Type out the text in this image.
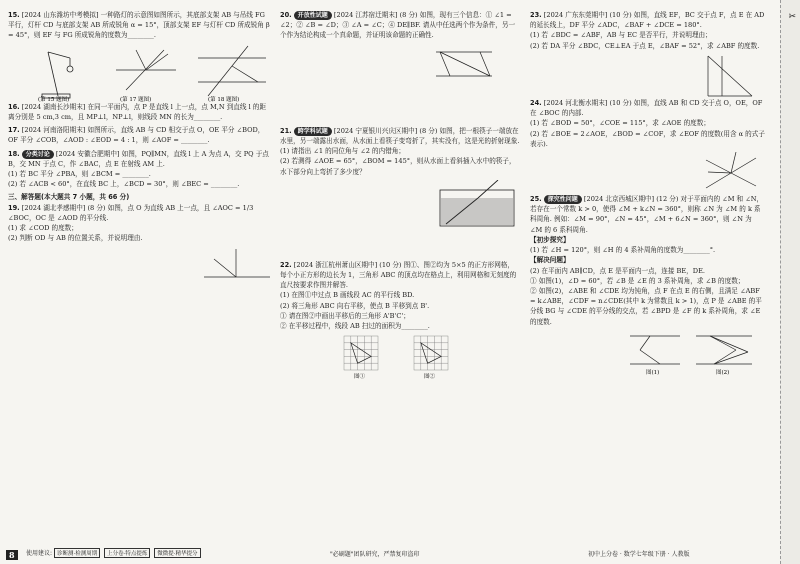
15. [2024 山东潍坊中考模拟] 一种路灯的示意图如图所示，其底部支架 AB 与吊线 FG 平行，灯杆 CD 与底部支架 AB 所成锐角 α = 15°，顶部支架 EF 与灯杆 CD 所成锐角 β = 45°，则 EF 与 FG 所成锐角的度数为________.
(第 15 题图)	(第 17 题图)	(第 18 题图)
16. [2024 湖南长沙期末] 在同一平面内，点 P 是直线 l 上一点，点 M,N 到直线 l 的距离分别是 5 cm,3 cm，且 MP⊥l，NP⊥l，则线段 MN 的长为________.
17. [2024 河南洛阳期末] 如图所示，直线 AB 与 CD 相交于点 O，OE 平分 ∠BOD，OF 平分 ∠COB，∠AOD : ∠EOD = 4 : 1，则 ∠AOF = ________.
18. 分类讨论 [2024 安徽合肥期中] 如图，PQ∥MN，直线 l 上 A 为点 A，交 PQ 于点 B，交 MN 于点 C，作 ∠BAC，点 E 在射线 AM 上.
(1) 若 BC 平分 ∠PBA，则 ∠BCM = ________.
(2) 若 ∠ACB < 60°，在直线 BC 上，∠BCD = 30°，则 ∠BEC = ________.
三、解答题(本大题共 7 小题，共 66 分)
19. [2024 湖北孝感期中] (8 分) 如图，点 O 为直线 AB 上一点，且 ∠AOC = 1/3 ∠BOC，OC 是 ∠AOD 的平分线.
(1) 求 ∠COD 的度数；
(2) 判断 OD 与 AB 的位置关系，并说明理由.
20. 开放性试题 [2024 江苏宿迁期末] (8 分) 如图，现有三个信息：① ∠1 = ∠2；② ∠B = ∠D；③ ∠A = ∠C；④ DE∥BF. 请从中任选两个作为条件，另一个作为结论构成一个真命题，并证明该命题的正确性.
21. 跨学科试题 [2024 宁夏银川兴庆区期中] (8 分) 如图，把一根筷子一端放在水里，另一端露出水面，从水面上看筷子变弯折了，其实没有，这是光的折射现象.
(1) 请指出 ∠1 的同位角与 ∠2 的内错角；
(2) 若测得 ∠AOE = 65°，∠BOM = 145°，则从水面上看斜插入水中的筷子，水下部分向上弯折了多少度？
22. [2024 浙江杭州萧山区期中] (10 分) 图①、图②均为 5×5 的正方形网格，每个小正方形的边长为 1，三角形 ABC 的顶点均在格点上，利用网格和无刻度的直尺按要求作图并解答.
(1) 在图①中过点 B 画线段 AC 的平行线 BD.
(2) 将三角形 ABC 向右平移，使点 B 平移到点 B'.
① 请在图②中画出平移后的三角形 A'B'C'；
② 在平移过程中，线段 AB 扫过的面积为________.
图①	图②
23. [2024 广东东莞期中] (10 分) 如图，直线 EF，BC 交于点 F，点 E 在 AD 的延长线上，DF 平分 ∠ADC，∠BAF + ∠DCE = 180°.
(1) 若 ∠BDC = ∠ABF，AB 与 EC 是否平行，并说明理由；
(2) 若 DA 平分 ∠BDC，CE⊥EA 于点 E，∠BAF = 52°，求 ∠ABF 的度数.
24. [2024 河北衡水期末] (10 分) 如图，直线 AB 和 CD 交于点 O，OE，OF 在 ∠BOC 的内部.
(1) 若 ∠BOD = 50°，∠COE = 115°，求 ∠AOE 的度数；
(2) 若 ∠BOE = 2∠AOE，∠BOD = ∠COF，求 ∠EOF 的度数(用含 α 的式子表示).
25. 探究性问题 [2024 北京西城区期中] (12 分) 对于平面内的 ∠M 和 ∠N，若存在一个常数 k > 0，使得 ∠M + k∠N = 360°，则称 ∠N 为 ∠M 的 k 系科周角. 例如：∠M = 90°，∠N = 45°，∠M + 6∠N = 360°，则 ∠N 为 ∠M 的 6 系科周角.
【初步探究】
(1) 若 ∠H = 120°，则 ∠H 的 4 系补周角的度数为________°.
【解决问题】
(2) 在平面内 AB∥CD，点 E 是平面内一点，连接 BE，DE.
① 如图(1)，∠D = 60°，若 ∠B 是 ∠E 的 3 系补周角，求 ∠B 的度数；
② 如图(2)，∠ABE 和 ∠CDE 均为钝角，点 F 在点 E 的右侧，且满足 ∠ABF = k∠ABE，∠CDF = n∠CDE(其中 k 为常数且 k > 1)，点 P 是 ∠ABE 的平分线 BG 与 ∠CDE 的平分线的交点，若 ∠BPD 是 ∠F 的 k 系补周角，求 ∠E 的度数.
图(1)	图(2)
8	使用建议: 诊断测·检测周期 上分卷·特点提炼 微微提·精华提分	"必刷题"团队研究，严禁复印盗印	初中上分卷 · 数学七年级下册 · 人教版
✂
